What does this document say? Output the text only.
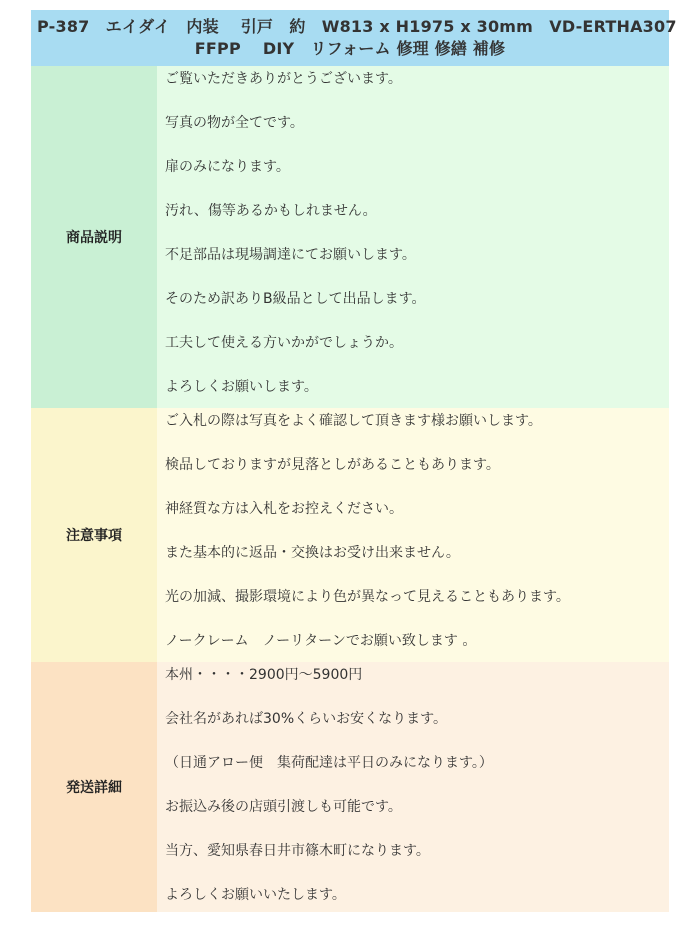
P-387　エイダイ　内装　 引戸　約　W813 x H1975 x 30mm　VD-ERTHA307
FFPP　 DIY　リフォーム 修理 修繕 補修
商品説明
ご覧いただきありがとうございます。
写真の物が全てです。
扉のみになります。
汚れ、傷等あるかもしれません。
不足部品は現場調達にてお願いします。
そのため訳ありB級品として出品します。
工夫して使える方いかがでしょうか。
よろしくお願いします。
注意事項
ご入札の際は写真をよく確認して頂きます様お願いします。
検品しておりますが見落としがあることもあります。
神経質な方は入札をお控えください。
また基本的に返品・交換はお受け出来ません。
光の加減、撮影環境により色が異なって見えることもあります。
ノークレーム　ノーリターンでお願い致します 。
発送詳細
本州・・・・2900円～5900円
会社名があれば30%くらいお安くなります。
（日通アロー便　集荷配達は平日のみになります。）
お振込み後の店頭引渡しも可能です。
当方、愛知県春日井市篠木町になります。
よろしくお願いいたします。
